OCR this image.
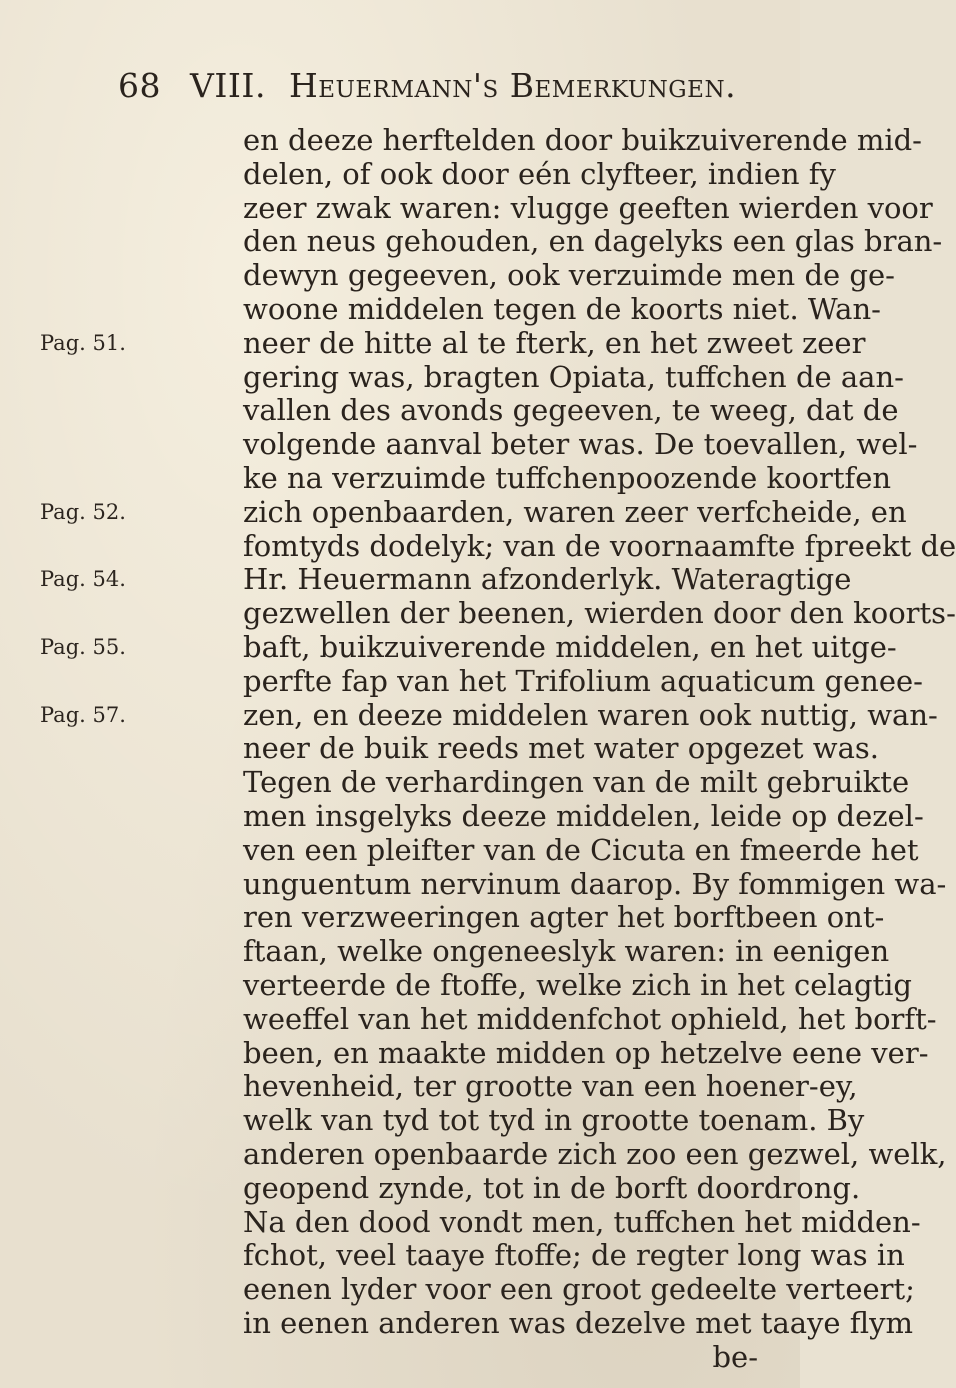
68 VIII. Heuermann's Bemerkungen.
Pag. 51.
Pag. 52.
Pag. 54.
Pag. 55.
Pag. 57.
en deeze herftelden door buikzuiverende mid-
delen, of ook door eén clyfteer, indien fy
zeer zwak waren: vlugge geeften wierden voor
den neus gehouden, en dagelyks een glas bran-
dewyn gegeeven, ook verzuimde men de ge-
woone middelen tegen de koorts niet. Wan-
neer de hitte al te fterk, en het zweet zeer
gering was, bragten Opiata, tuffchen de aan-
vallen des avonds gegeeven, te weeg, dat de
volgende aanval beter was. De toevallen, wel-
ke na verzuimde tuffchenpoozende koortfen
zich openbaarden, waren zeer verfcheide, en
fomtyds dodelyk; van de voornaamfte fpreekt de
Hr. Heuermann afzonderlyk. Wateragtige
gezwellen der beenen, wierden door den koorts-
baft, buikzuiverende middelen, en het uitge-
perfte fap van het Trifolium aquaticum genee-
zen, en deeze middelen waren ook nuttig, wan-
neer de buik reeds met water opgezet was.
Tegen de verhardingen van de milt gebruikte
men insgelyks deeze middelen, leide op dezel-
ven een pleifter van de Cicuta en fmeerde het
unguentum nervinum daarop. By fommigen wa-
ren verzweeringen agter het borftbeen ont-
ftaan, welke ongeneeslyk waren: in eenigen
verteerde de ftoffe, welke zich in het celagtig
weeffel van het middenfchot ophield, het borft-
been, en maakte midden op hetzelve eene ver-
hevenheid, ter grootte van een hoener-ey,
welk van tyd tot tyd in grootte toenam. By
anderen openbaarde zich zoo een gezwel, welk,
geopend zynde, tot in de borft doordrong.
Na den dood vondt men, tuffchen het midden-
fchot, veel taaye ftoffe; de regter long was in
eenen lyder voor een groot gedeelte verteert;
in eenen anderen was dezelve met taaye flym
be-
